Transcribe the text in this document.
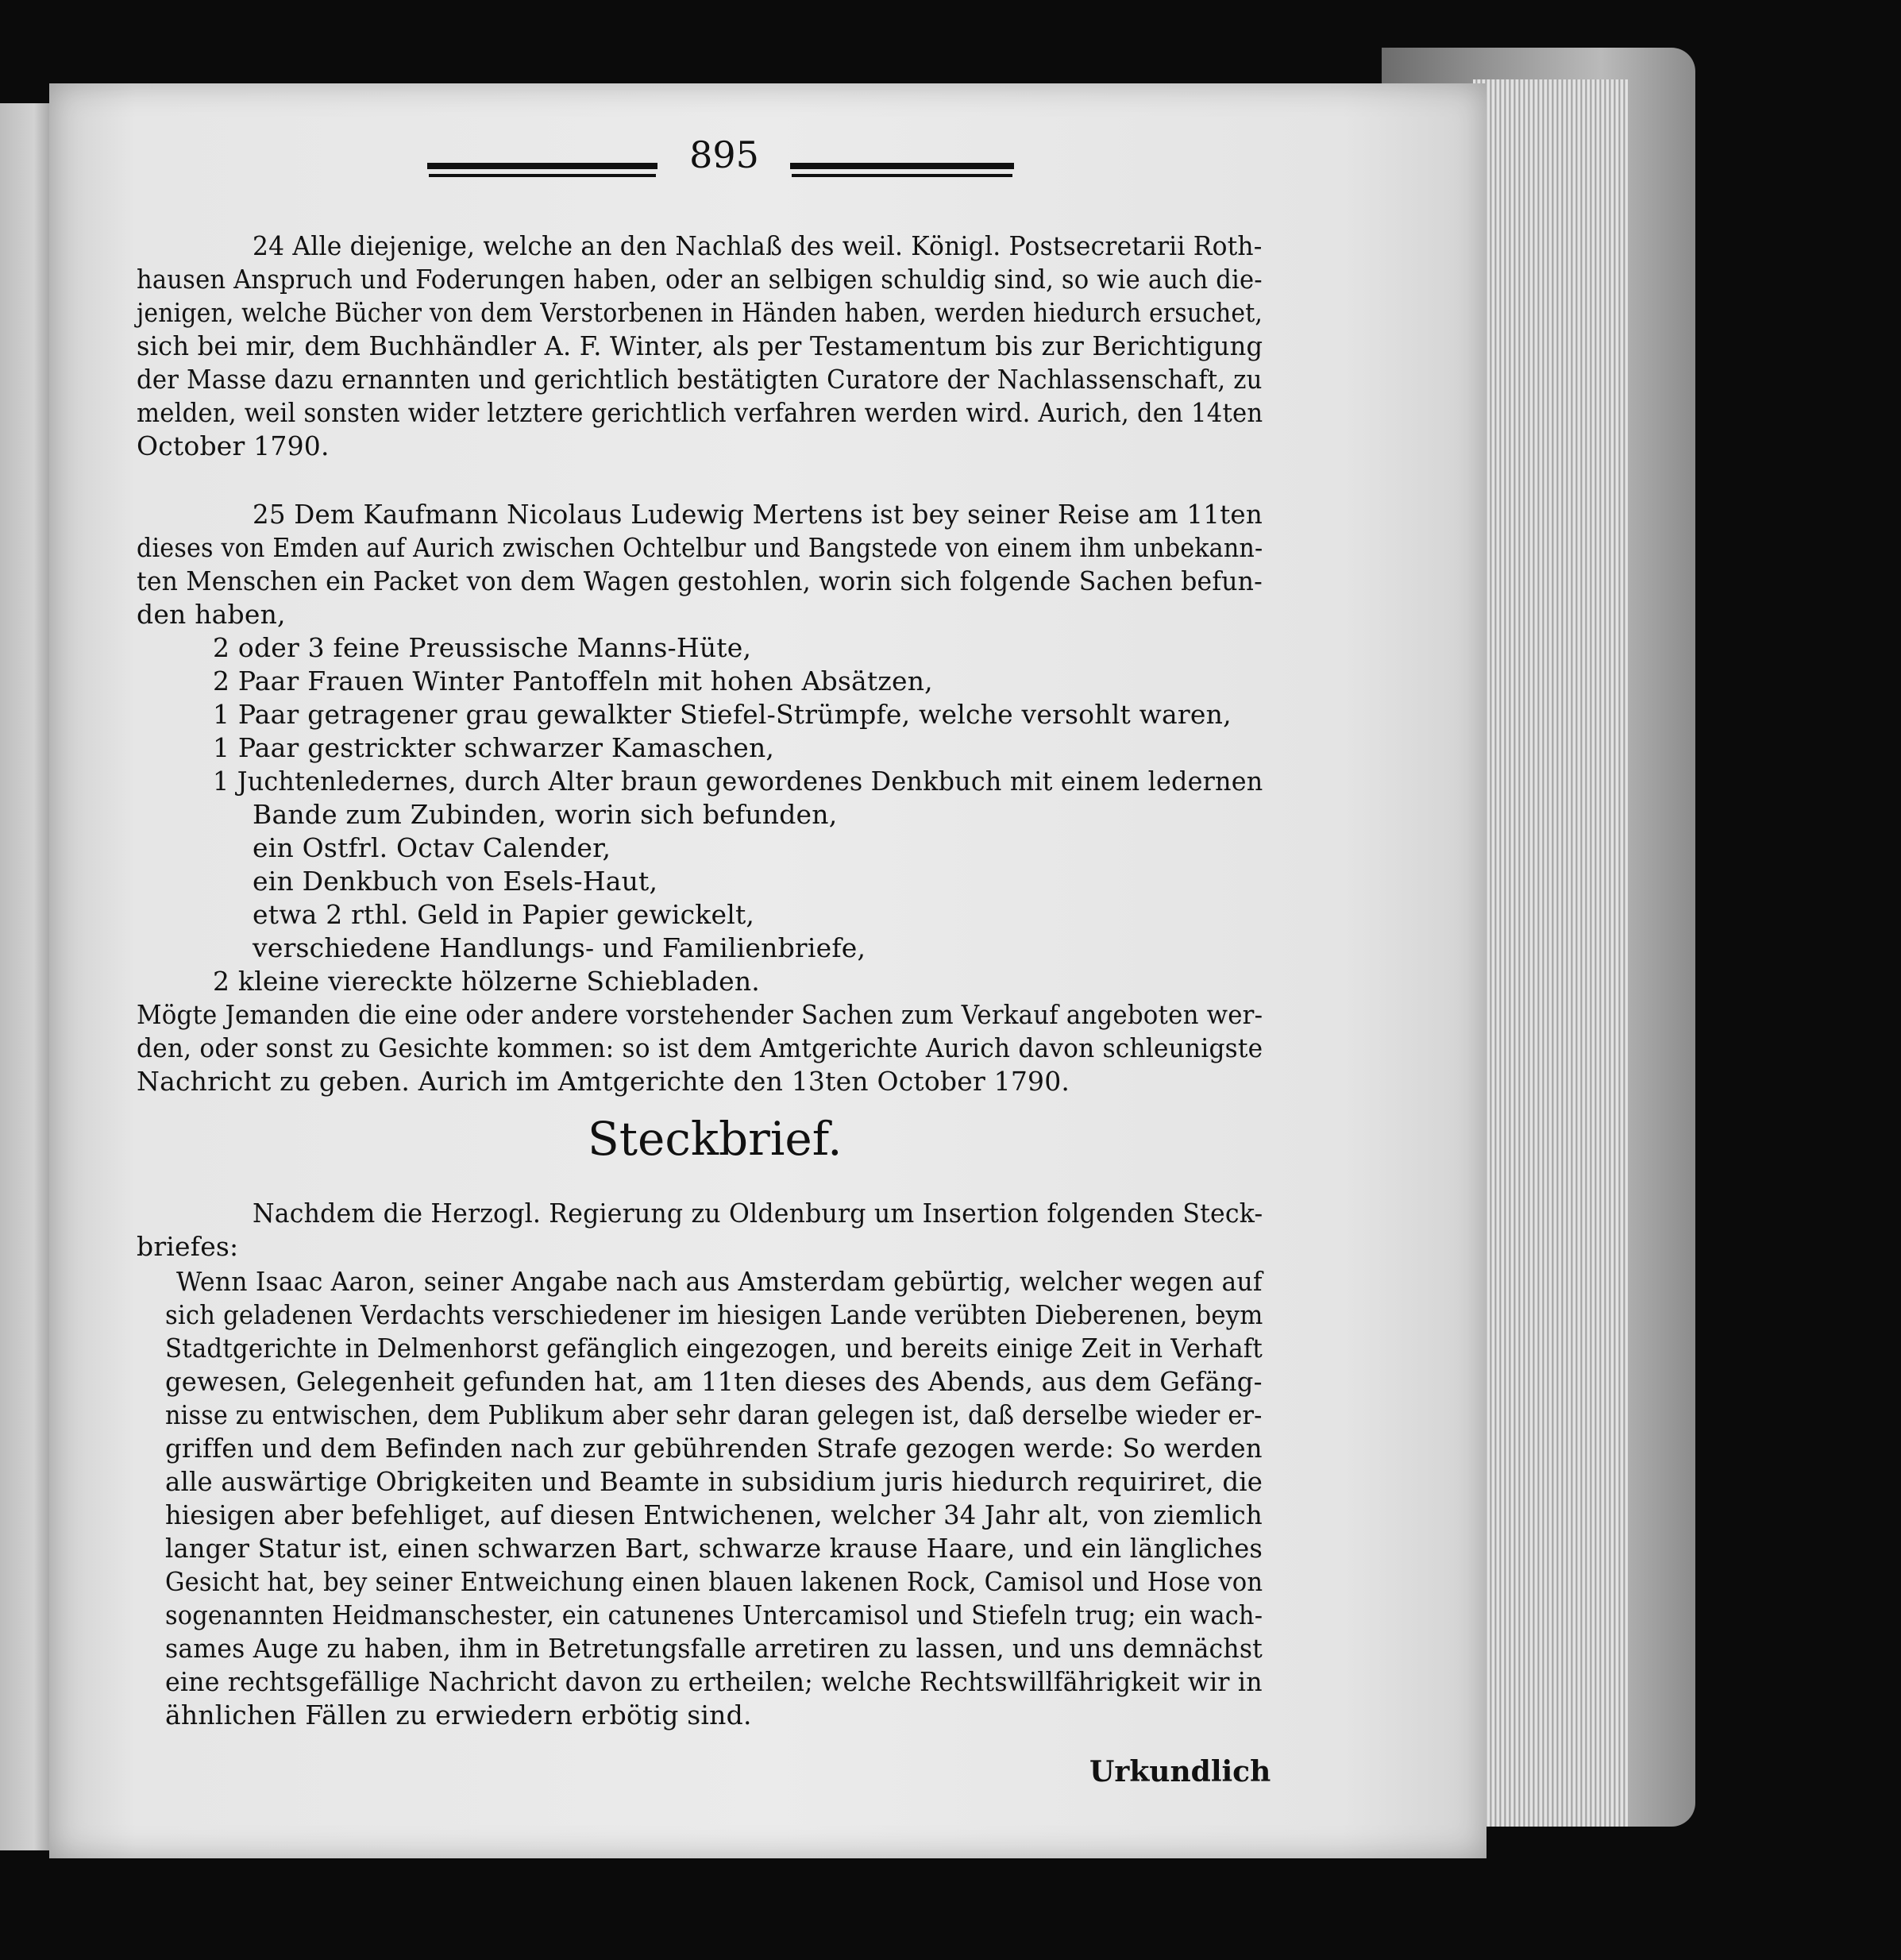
895
24 Alle diejenige, welche an den Nachlaß des weil. Königl. Postsecretarii Roth-
hausen Anspruch und Foderungen haben, oder an selbigen schuldig sind, so wie auch die-
jenigen, welche Bücher von dem Verstorbenen in Händen haben, werden hiedurch ersuchet,
sich bei mir, dem Buchhändler A. F. Winter, als per Testamentum bis zur Berichtigung
der Masse dazu ernannten und gerichtlich bestätigten Curatore der Nachlassenschaft, zu
melden, weil sonsten wider letztere gerichtlich verfahren werden wird. Aurich, den 14ten
October 1790.
25 Dem Kaufmann Nicolaus Ludewig Mertens ist bey seiner Reise am 11ten
dieses von Emden auf Aurich zwischen Ochtelbur und Bangstede von einem ihm unbekann-
ten Menschen ein Packet von dem Wagen gestohlen, worin sich folgende Sachen befun-
den haben,
2 oder 3 feine Preussische Manns-Hüte,
2 Paar Frauen Winter Pantoffeln mit hohen Absätzen,
1 Paar getragener grau gewalkter Stiefel-Strümpfe, welche versohlt waren,
1 Paar gestrickter schwarzer Kamaschen,
1 Juchtenledernes, durch Alter braun gewordenes Denkbuch mit einem ledernen
Bande zum Zubinden, worin sich befunden,
ein Ostfrl. Octav Calender,
ein Denkbuch von Esels-Haut,
etwa 2 rthl. Geld in Papier gewickelt,
verschiedene Handlungs- und Familienbriefe,
2 kleine viereckte hölzerne Schiebladen.
Mögte Jemanden die eine oder andere vorstehender Sachen zum Verkauf angeboten wer-
den, oder sonst zu Gesichte kommen: so ist dem Amtgerichte Aurich davon schleunigste
Nachricht zu geben. Aurich im Amtgerichte den 13ten October 1790.
Steckbrief.
Nachdem die Herzogl. Regierung zu Oldenburg um Insertion folgenden Steck-
briefes:
Wenn Isaac Aaron, seiner Angabe nach aus Amsterdam gebürtig, welcher wegen auf
sich geladenen Verdachts verschiedener im hiesigen Lande verübten Dieberenen, beym
Stadtgerichte in Delmenhorst gefänglich eingezogen, und bereits einige Zeit in Verhaft
gewesen, Gelegenheit gefunden hat, am 11ten dieses des Abends, aus dem Gefäng-
nisse zu entwischen, dem Publikum aber sehr daran gelegen ist, daß derselbe wieder er-
griffen und dem Befinden nach zur gebührenden Strafe gezogen werde: So werden
alle auswärtige Obrigkeiten und Beamte in subsidium juris hiedurch requiriret, die
hiesigen aber befehliget, auf diesen Entwichenen, welcher 34 Jahr alt, von ziemlich
langer Statur ist, einen schwarzen Bart, schwarze krause Haare, und ein längliches
Gesicht hat, bey seiner Entweichung einen blauen lakenen Rock, Camisol und Hose von
sogenannten Heidmanschester, ein catunenes Untercamisol und Stiefeln trug; ein wach-
sames Auge zu haben, ihm in Betretungsfalle arretiren zu lassen, und uns demnächst
eine rechtsgefällige Nachricht davon zu ertheilen; welche Rechtswillfährigkeit wir in
ähnlichen Fällen zu erwiedern erbötig sind.
Urkundlich
